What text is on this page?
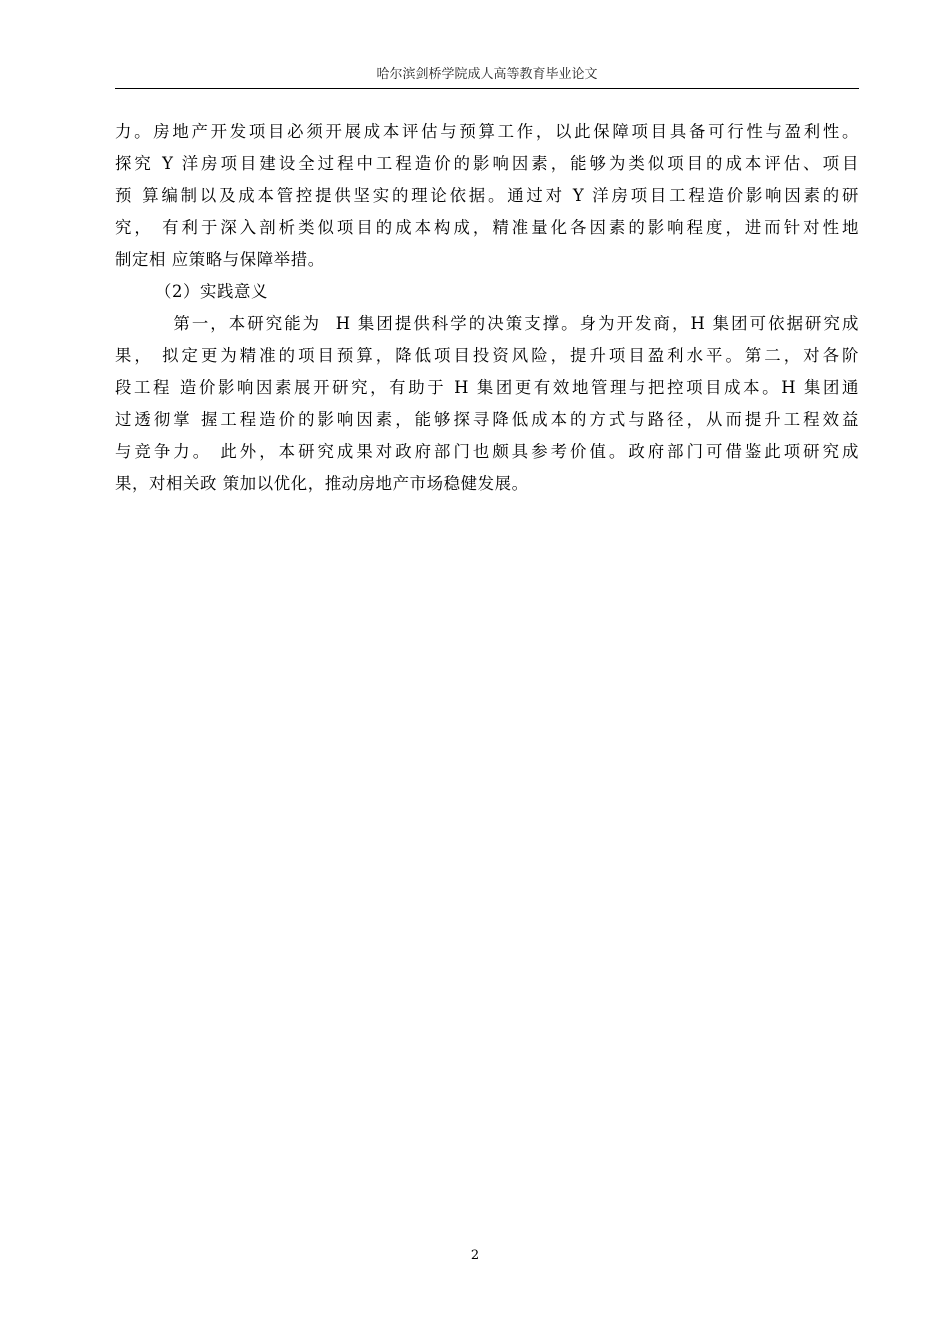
哈尔滨剑桥学院成人高等教育毕业论文

力。房地产开发项目必须开展成本评估与预算工作，以此保障项目具备可行性与盈利性。
探究 Y 洋房项目建设全过程中工程造价的影响因素，能够为类似项目的成本评估、项目
预 算编制以及成本管控提供坚实的理论依据。通过对 Y 洋房项目工程造价影响因素的研
究， 有利于深入剖析类似项目的成本构成，精准量化各因素的影响程度，进而针对性地
制定相 应策略与保障举措。

（2）实践意义

第一，本研究能为  H 集团提供科学的决策支撑。身为开发商，H 集团可依据研究成
果， 拟定更为精准的项目预算，降低项目投资风险，提升项目盈利水平。第二，对各阶
段工程 造价影响因素展开研究，有助于 H 集团更有效地管理与把控项目成本。H 集团通
过透彻掌 握工程造价的影响因素，能够探寻降低成本的方式与路径，从而提升工程效益
与竞争力。 此外，本研究成果对政府部门也颇具参考价值。政府部门可借鉴此项研究成
果，对相关政 策加以优化，推动房地产市场稳健发展。

2
